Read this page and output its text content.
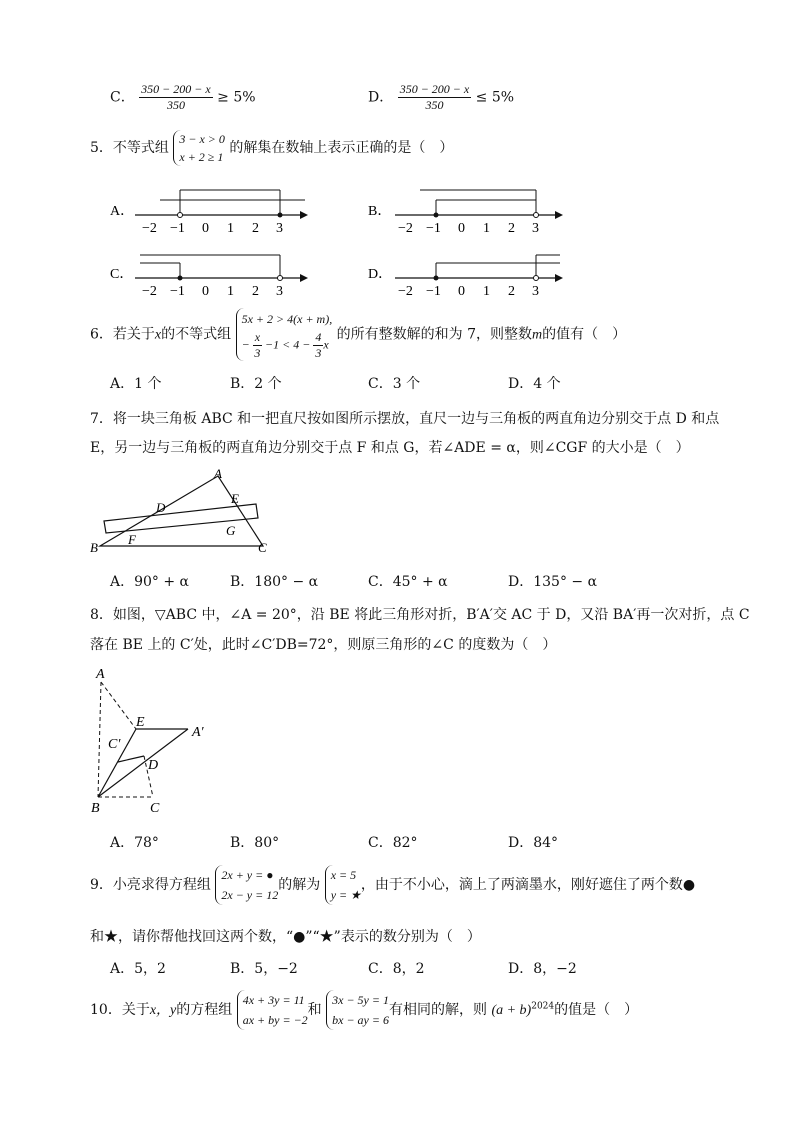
C． $\frac{350 - 200 - x}{350} \ge 5\%$	D． $\frac{350 - 200 - x}{350} \le 5\%$
5．不等式组 3 − x > 0
x + 2 ≥ 1 的解集在数轴上表示正确的是（　）
A．	B．
C．	D．
−2 −1 0 1 2 3	−2 −1 0 1 2 3
−2 −1 0 1 2 3	−2 −1 0 1 2 3
6．若关于x的不等式组 5x + 2 > 4(x + m),
− $\frac{x}{3} -1 < 4 - \frac{4}{3}$ x 的所有整数解的和为 7，则整数m的值有（　）
A．1 个	B．2 个	C．3 个	D．4 个
7．将一块三角板 ABC 和一把直尺按如图所示摆放，直尺一边与三角板的两直角边分别交于点 D 和点
E，另一边与三角板的两直角边分别交于点 F 和点 G，若∠ADE = α，则∠CGF 的大小是（　）
A
B	C
D
E
F
G
A．90° + α	B．180° − α	C．45° + α	D．135° − α
8．如图，▽ABC 中，∠A = 20°，沿 BE 将此三角形对折，B′A′交 AC 于 D，又沿 BA′再一次对折，点 C
落在 BE 上的 C′处，此时∠C′DB=72°，则原三角形的∠C 的度数为（　）
A
E
A′
C′
D
B	C
A．78°	B．80°	C．82°	D．84°
9．小亮求得方程组 2x + y = ●
2x − y = 12的解为 x = 5
y = ★，由于不小心，滴上了两滴墨水，刚好遮住了两个数●
和★，请你帮他找回这两个数，“●”“★”表示的数分别为（　）
A．5，2	B．5，−2	C．8，2	D．8，−2
10．关于x，y的方程组 4x + 3y = 11
ax + by = −2和 3x − 5y = 1
bx − ay = 6有相同的解，则 $(a + b)^{2024}$的值是（　）
